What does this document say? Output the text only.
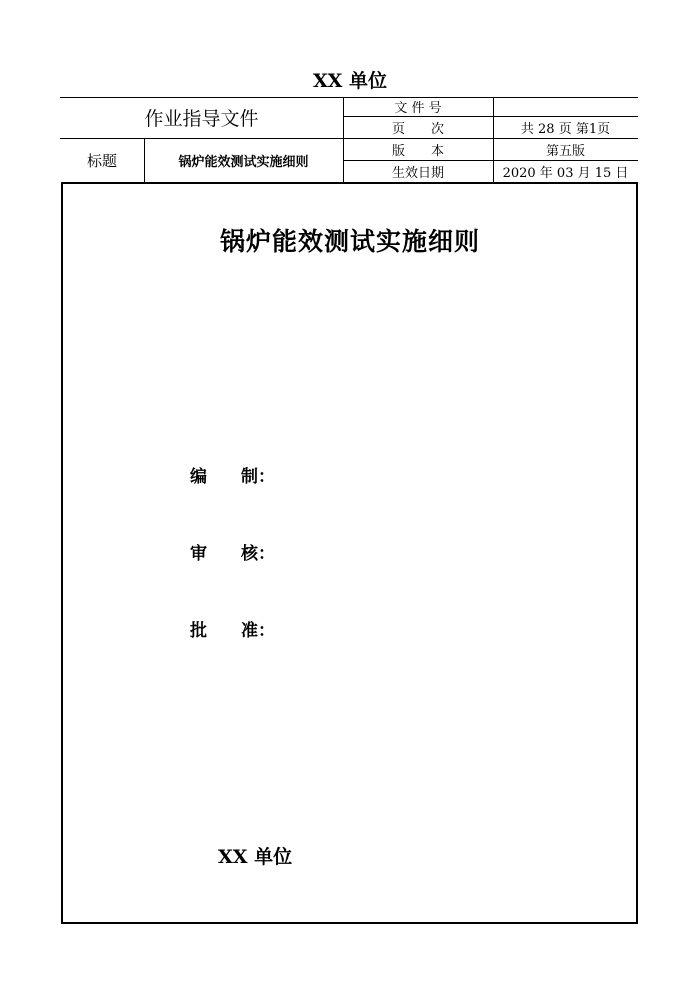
XX 单位
作业指导文件
标题	锅炉能效测试实施细则
文 件 号
页　　次	共 28 页 第1页
版　　本	第五版
生效日期	2020 年 03 月 15 日
锅炉能效测试实施细则
编　　制：
审　　核：
批　　准：
XX 单位
